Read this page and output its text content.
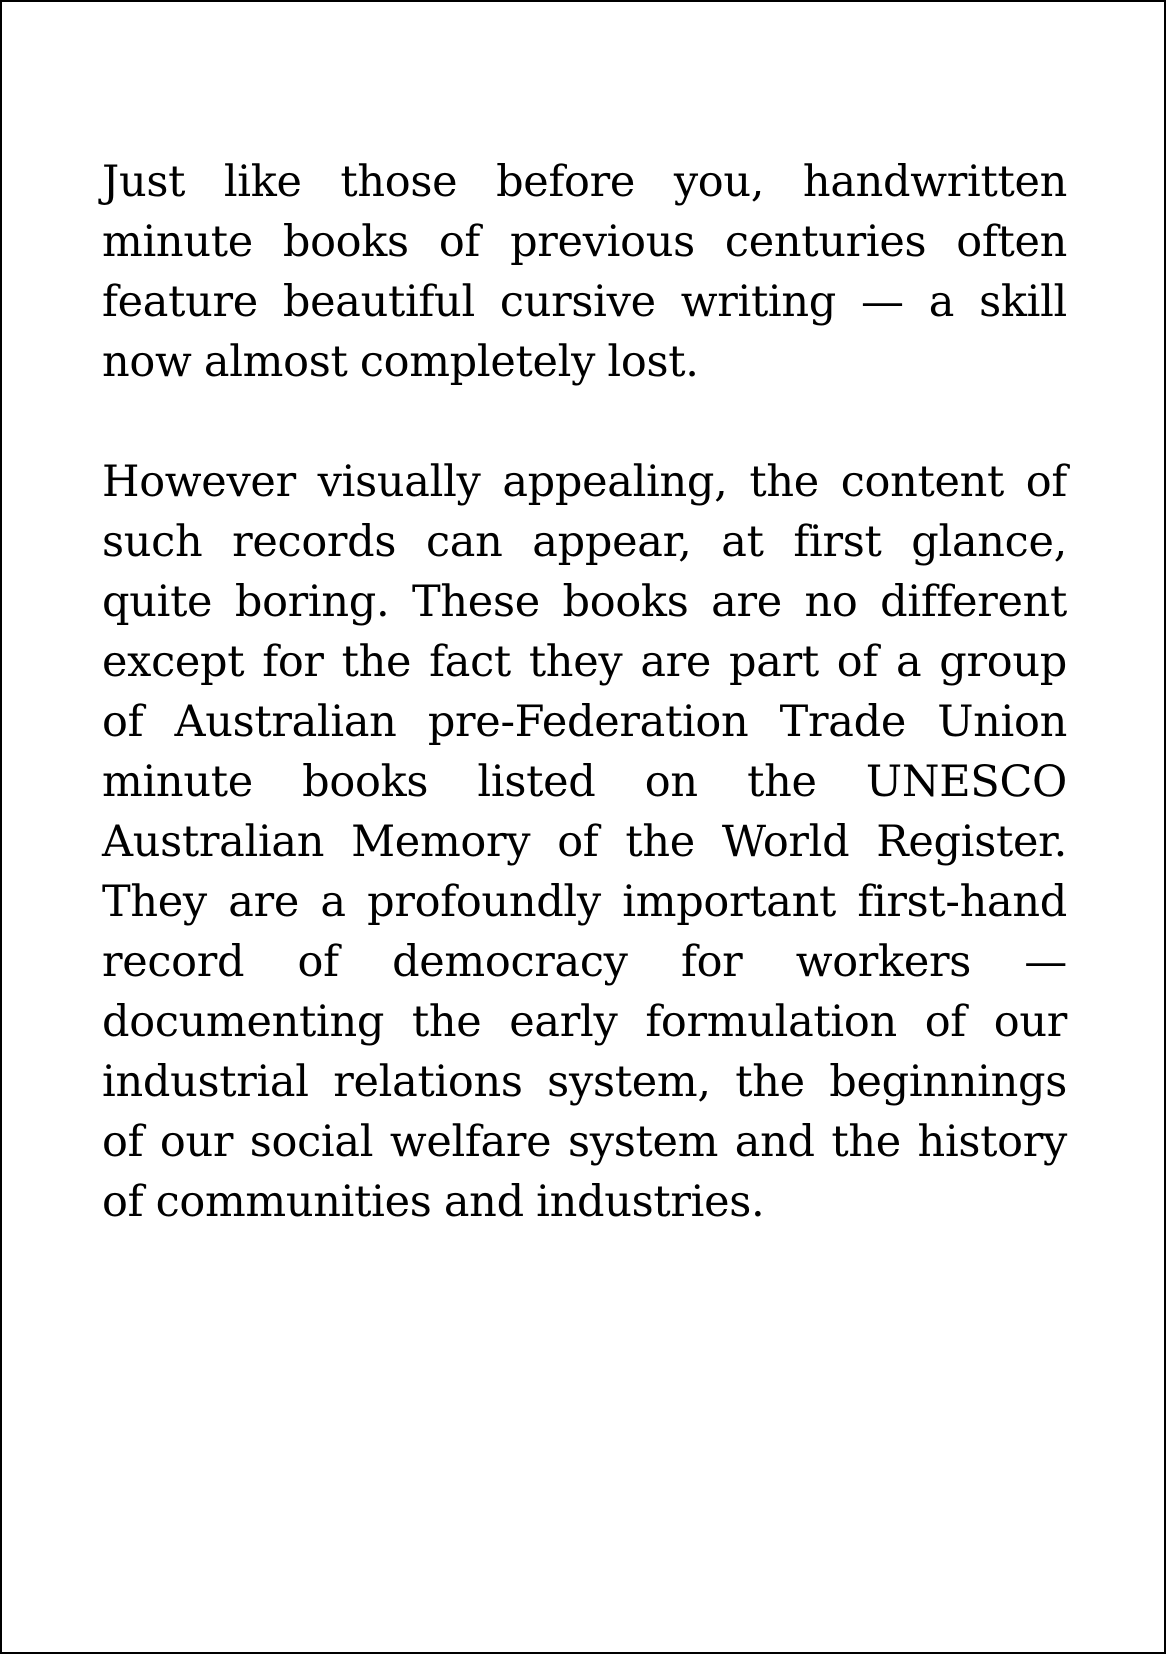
Just like those before you, handwritten minute books of previous centuries often feature beautiful cursive writing — a skill now almost completely lost.

However visually appealing, the content of such records can appear, at first glance, quite boring. These books are no different except for the fact they are part of a group of Australian pre-Federation Trade Union minute books listed on the UNESCO Australian Memory of the World Register. They are a profoundly important first-hand record of democracy for workers — documenting the early formulation of our industrial relations system, the beginnings of our social welfare system and the history of communities and industries.
